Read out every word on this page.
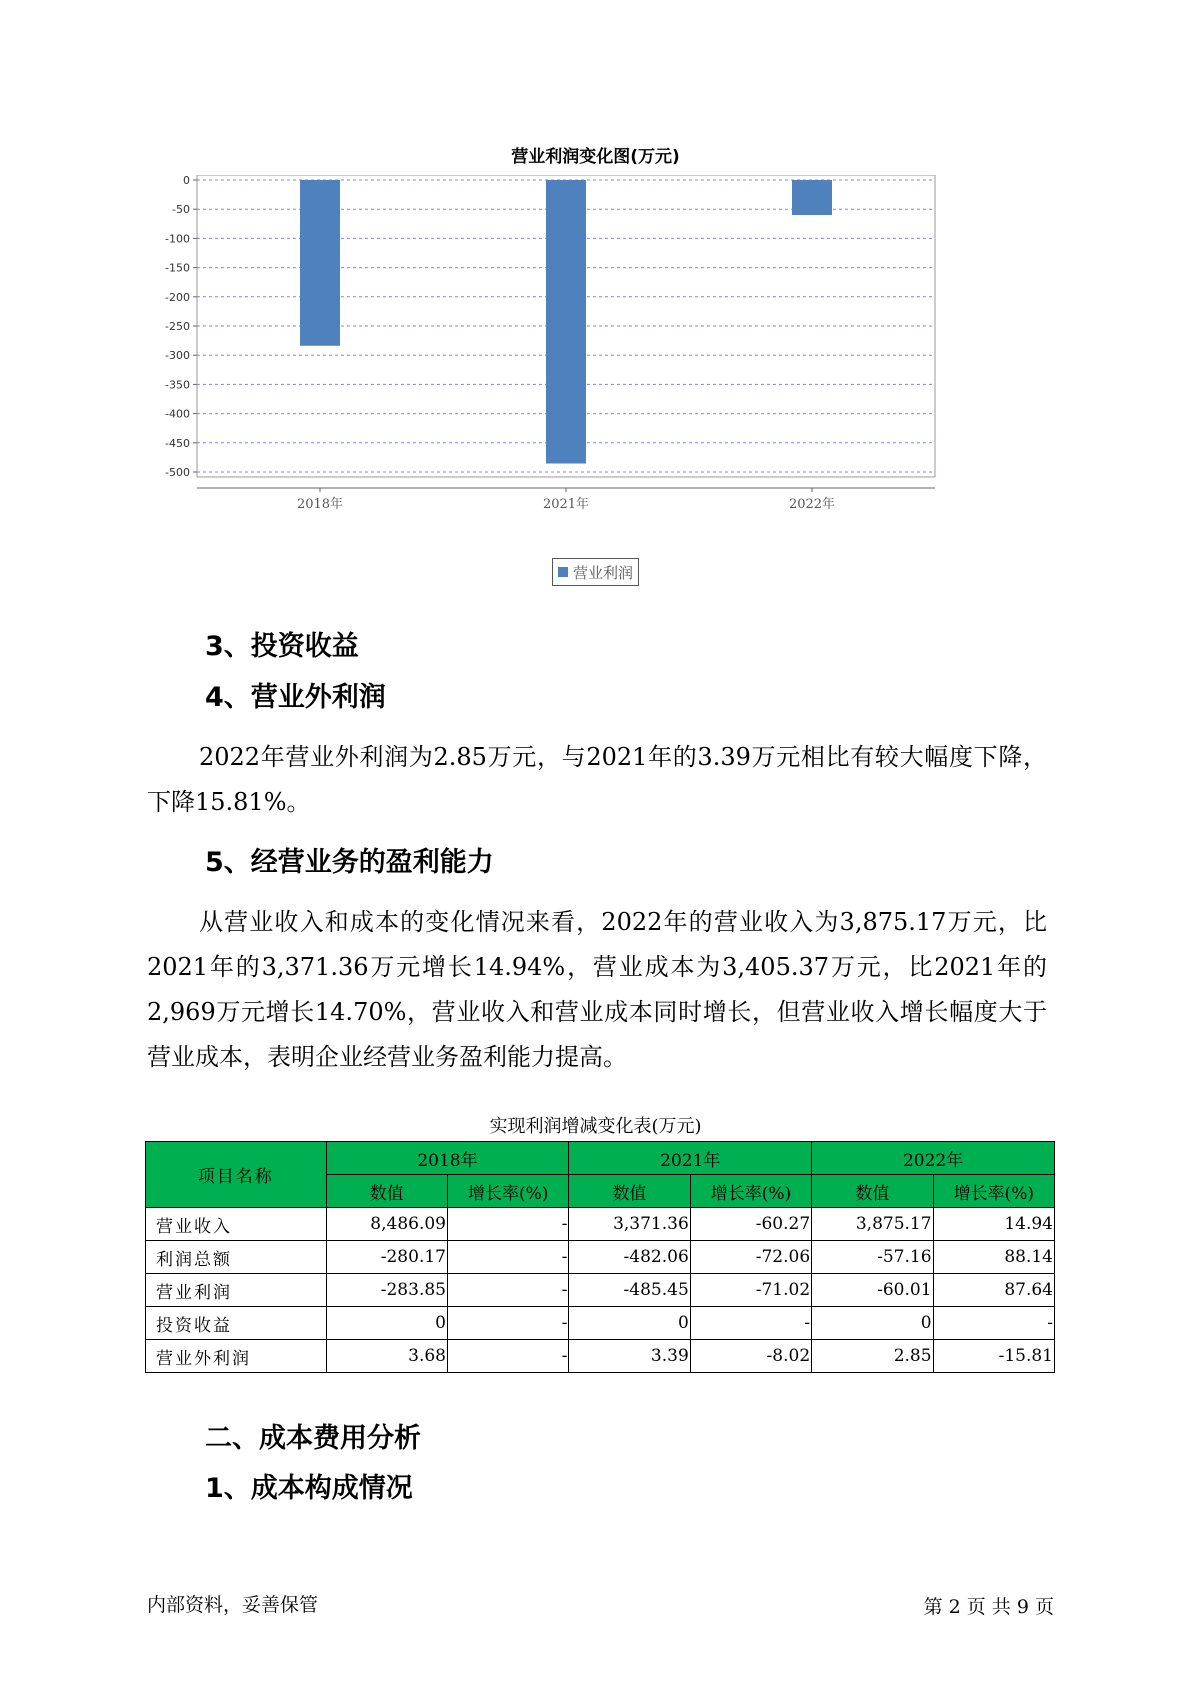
营业利润变化图(万元)
0
-50
-100
-150
-200
-250
-300
-350
-400
-450
-500
2018年	2021年	2022年
营业利润
3、投资收益
4、营业外利润

2022年营业外利润为2.85万元，与2021年的3.39万元相比有较大幅度下降，下降15.81%。

5、经营业务的盈利能力

从营业收入和成本的变化情况来看，2022年的营业收入为3,875.17万元，比2021年的3,371.36万元增长14.94%，营业成本为3,405.37万元，比2021年的2,969万元增长14.70%，营业收入和营业成本同时增长，但营业收入增长幅度大于营业成本，表明企业经营业务盈利能力提高。

实现利润增减变化表(万元)
项目名称	2018年		2021年		2022年	
	数值	增长率(%)	数值	增长率(%)	数值	增长率(%)
营业收入	8,486.09	-	3,371.36	-60.27	3,875.17	14.94
利润总额	-280.17	-	-482.06	-72.06	-57.16	88.14
营业利润	-283.85	-	-485.45	-71.02	-60.01	87.64
投资收益	0	-	0	-	0	-
营业外利润	3.68	-	3.39	-8.02	2.85	-15.81
二、成本费用分析
1、成本构成情况
内部资料，妥善保管	第 2 页 共 9 页
